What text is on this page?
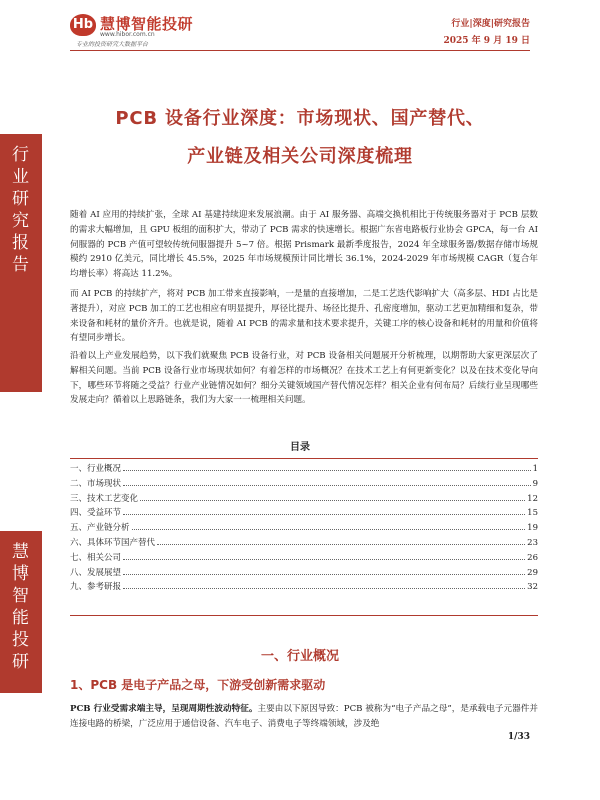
Hb 慧博智能投研
www.hibor.com.cn
专业的投资研究大数据平台
行业|深度|研究报告
2025 年 9 月 19 日
行
业
研
究
报
告
慧
博
智
能
投
研
PCB 设备行业深度：市场现状、国产替代、
产业链及相关公司深度梳理
随着 AI 应用的持续扩张，全球 AI 基建持续迎来发展浪潮。由于 AI 服务器、高端交换机相比于传统服务器对于 PCB 层数的需求大幅增加，且 GPU 板组的面积扩大，带动了 PCB 需求的快速增长。根据广东省电路板行业协会 GPCA，每一台 AI 伺服器的 PCB 产值可望较传统伺服器提升 5~7 倍。根据 Prismark 最新季度报告，2024 年全球服务器/数据存储市场规模约 2910 亿美元，同比增长 45.5%，2025 年市场规模预计同比增长 36.1%，2024-2029 年市场规模 CAGR（复合年均增长率）将高达 11.2%。
而 AI PCB 的持续扩产，将对 PCB 加工带来直接影响，一是量的直接增加，二是工艺迭代影响扩大（高多层、HDI 占比是著提升），对应 PCB 加工的工艺也相应有明显提升，厚径比提升、场径比提升、孔密度增加，驱动工艺更加精细和复杂，带来设备和耗材的量价齐升。也就是说，随着 AI PCB 的需求量和技术要求提升，关键工序的核心设备和耗材的用量和价值将有望同步增长。
沿着以上产业发展趋势，以下我们就聚焦 PCB 设备行业，对 PCB 设备相关问题展开分析梳理，以期帮助大家更深层次了解相关问题。当前 PCB 设备行业市场现状如何？有着怎样的市场概况？在技术工艺上有何更新变化？以及在技术变化导向下，哪些环节将随之受益？行业产业链情况如何？细分关键领域国产替代情况怎样？相关企业有何布局？后续行业呈现哪些发展走向？循着以上思路链条，我们为大家一一梳理相关问题。
目录
一、行业概况	1
二、市场现状	9
三、技术工艺变化	12
四、受益环节	15
五、产业链分析	19
六、具体环节国产替代	23
七、相关公司	26
八、发展展望	29
九、参考研报	32
一、行业概况
1、PCB 是电子产品之母，下游受创新需求驱动
PCB 行业受需求端主导，呈现周期性波动特征。主要由以下原因导致：PCB 被称为“电子产品之母”，是承载电子元器件并连接电路的桥梁，广泛应用于通信设备、汽车电子、消费电子等终端领域，涉及绝
1/33
